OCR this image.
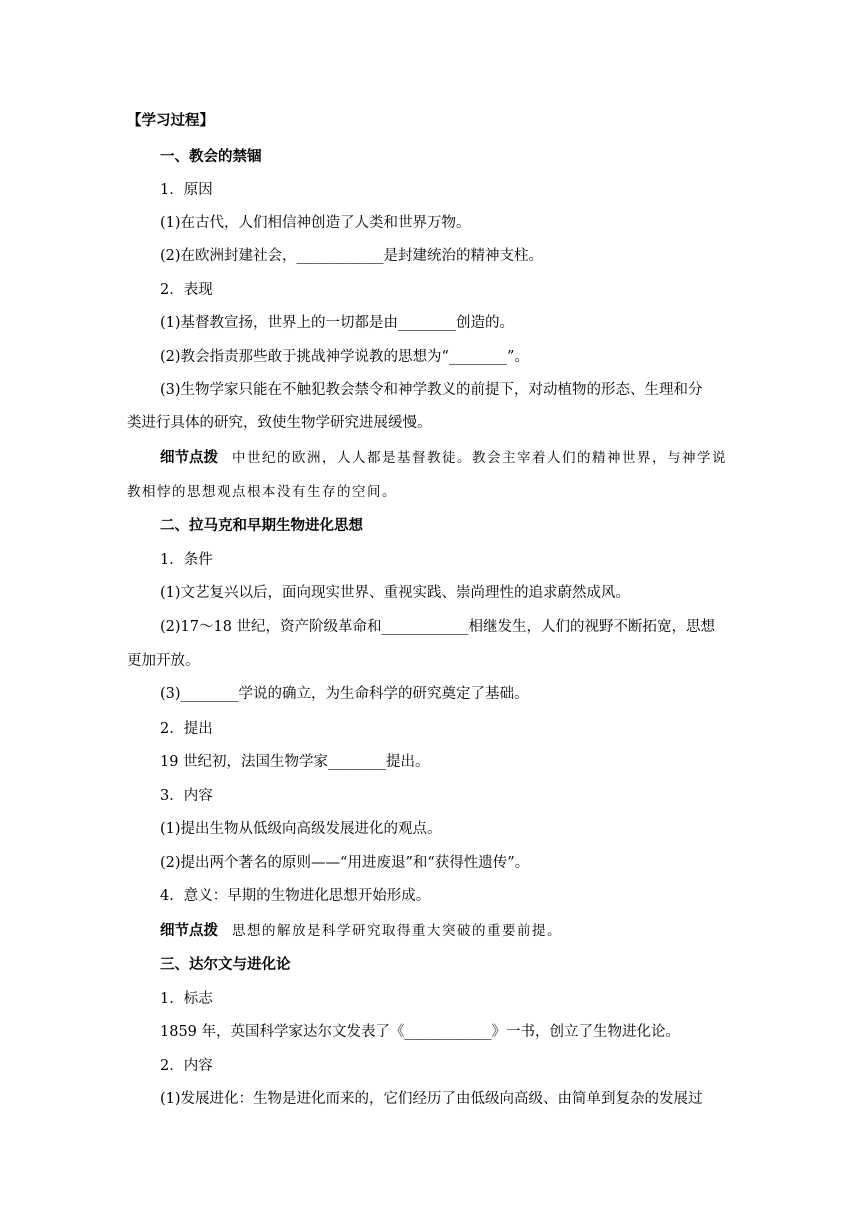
【学习过程】
一、教会的禁锢
1．原因
(1)在古代，人们相信神创造了人类和世界万物。
(2)在欧洲封建社会，____________是封建统治的精神支柱。
2．表现
(1)基督教宣扬，世界上的一切都是由________创造的。
(2)教会指责那些敢于挑战神学说教的思想为“________”。
(3)生物学家只能在不触犯教会禁令和神学教义的前提下，对动植物的形态、生理和分
类进行具体的研究，致使生物学研究进展缓慢。
细节点拨 中世纪的欧洲，人人都是基督教徒。教会主宰着人们的精神世界，与神学说
教相悖的思想观点根本没有生存的空间。
二、拉马克和早期生物进化思想
1．条件
(1)文艺复兴以后，面向现实世界、重视实践、崇尚理性的追求蔚然成风。
(2)17～18 世纪，资产阶级革命和____________相继发生，人们的视野不断拓宽，思想
更加开放。
(3)________学说的确立，为生命科学的研究奠定了基础。
2．提出
19 世纪初，法国生物学家________提出。
3．内容
(1)提出生物从低级向高级发展进化的观点。
(2)提出两个著名的原则——“用进废退”和“获得性遗传”。
4．意义：早期的生物进化思想开始形成。
细节点拨 思想的解放是科学研究取得重大突破的重要前提。
三、达尔文与进化论
1．标志
1859 年，英国科学家达尔文发表了《____________》一书，创立了生物进化论。
2．内容
(1)发展进化：生物是进化而来的，它们经历了由低级向高级、由简单到复杂的发展过
